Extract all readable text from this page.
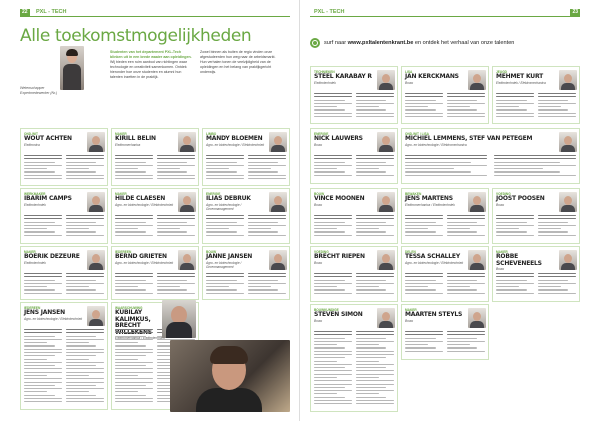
22	PXL - TECH
Alle toekomstmogelijkheden
Wetenschapper Expertmedewerker (Nr.)
Studenten van het departement PXL-Tech blinken uit in een brede waaier aan opleidingen. Wij bieden een ruim aanbod van richtingen waar technologie en creativiteit samenkomen. Ontdek hieronder hoe onze studenten en alumni hun talenten inzetten in de praktijk.
Zowel binnen als buiten de regio vinden onze afgestudeerden hun weg naar de arbeidsmarkt. Hun verhalen tonen de veelzijdigheid van de opleidingen en het belang van praktijkgericht onderwijs.
OND-WIT
WOUT ACHTEN
Elektronica
MAKER
KIRILL BELIN
Elektromechanica
LIMBO
MANDY BLOEMEN
Agro- en biotechnologie / Elektrotechniek
WERKMAKER
IBARIM CAMPS
Elektrotechniek
MAKER
HILDE CLAESEN
Agro- en biotechnologie / Elektrotechniek
ENERGIE
ILIAS DEBRUK
Agro- en biotechnologie / Groenmanagement
MAKER
BOERIK DEZEURE
Elektrotechniek
IEDEREEN
BERND GRIETEN
Agro- en biotechnologie / Elektrotechniek
BOUW
JANNE JANSEN
Agro- en biotechnologie / Groenmanagement
IEDEREEN
JENS JANSEN
Agro- en biotechnologie / Elektrotechniek
WAARSCHUWING
KUBILAY KALIMKUS, BRECHT
Elektrotechniek
PXL - TECH	23
surf naar www.pxltalentenkrant.be en ontdek het verhaal van onze talenten
TECHNIEKEN
STEEL KARABAY R
Elektrotechniek
LISA
JAN KERCKMANS
Bouw
JEUGD
MEHMET KURT
Elektrotechniek / Elektromechanica
ENERGIE
NICK LAUWERS
Bouw
OND-WIT / LISA
MICHIEL LEMMENS, STEF VAN PETEGEM
Agro- en biotechnologie / Elektromechanica
BOUW
VINCE MOONEN
Bouw
BEWAKEN
JENS MARTENS
Elektromechanica / Elektrotechniek
VOEDING
JOOST POOSEN
Bouw
VOEDING
BRECHT RIEPEN
Bouw
DELEN
TESSA SCHALLEY
Agro- en biotechnologie / Elektrotechniek
MAKER
ROBBE SCHEVENEELS
Bouw
BOUWKUNDIGE
STEVEN SIMON
Bouw
MAKER
MAARTEN STEYLS
Bouw
